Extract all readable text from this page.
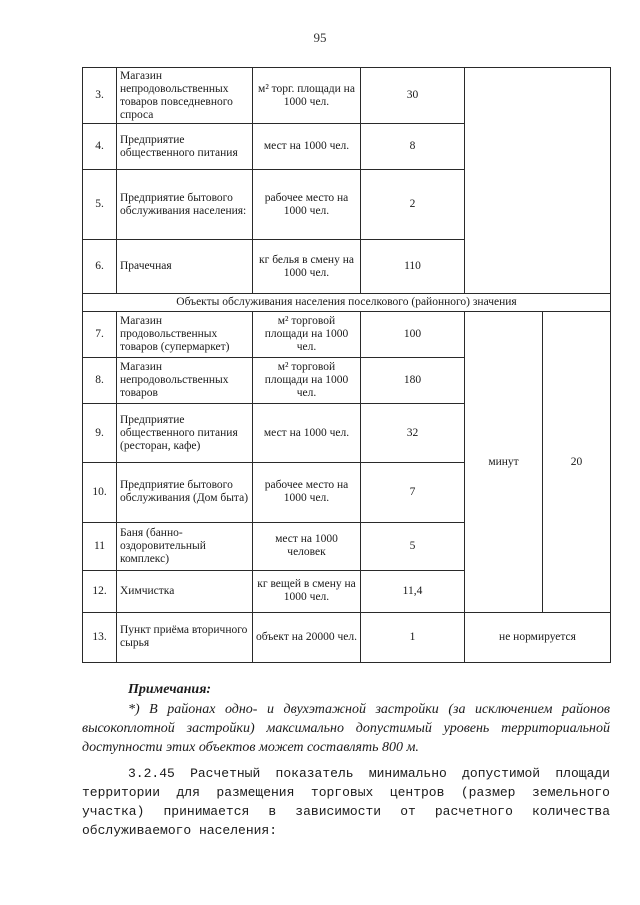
95
3.	Магазин непродовольственных товаров повседневного спроса	м² торг. площади на 1000 чел.	30		
4.	Предприятие общественного питания	мест на 1000 чел.	8		
5.	Предприятие бытового обслуживания населения:	рабочее место на 1000 чел.	2		
6.	Прачечная	кг белья в смену на 1000 чел.	110		
Объекты обслуживания населения поселкового (районного) значения					
7.	Магазин продовольственных товаров (супермаркет)	м² торговой площади на 1000 чел.	100	минут	20
8.	Магазин непродовольственных товаров	м² торговой площади на 1000 чел.	180		
9.	Предприятие общественного питания (ресторан, кафе)	мест на 1000 чел.	32		
10.	Предприятие бытового обслуживания (Дом быта)	рабочее место на 1000 чел.	7		
11	Баня (банно-оздоровительный комплекс)	мест на 1000 человек	5		
12.	Химчистка	кг вещей в смену на 1000 чел.	11,4		
13.	Пункт приёма вторичного сырья	объект на 20000 чел.	1	не нормируется	
Примечания:

*) В районах одно- и двухэтажной застройки (за исключением районов высокоплотной застройки) максимально допустимый уровень территориальной доступности этих объектов может составлять 800 м.

3.2.45 Расчетный показатель минимально допустимой площади территории для размещения торговых центров (размер земельного участка) принимается в зависимости от расчетного количества обслуживаемого населения:
